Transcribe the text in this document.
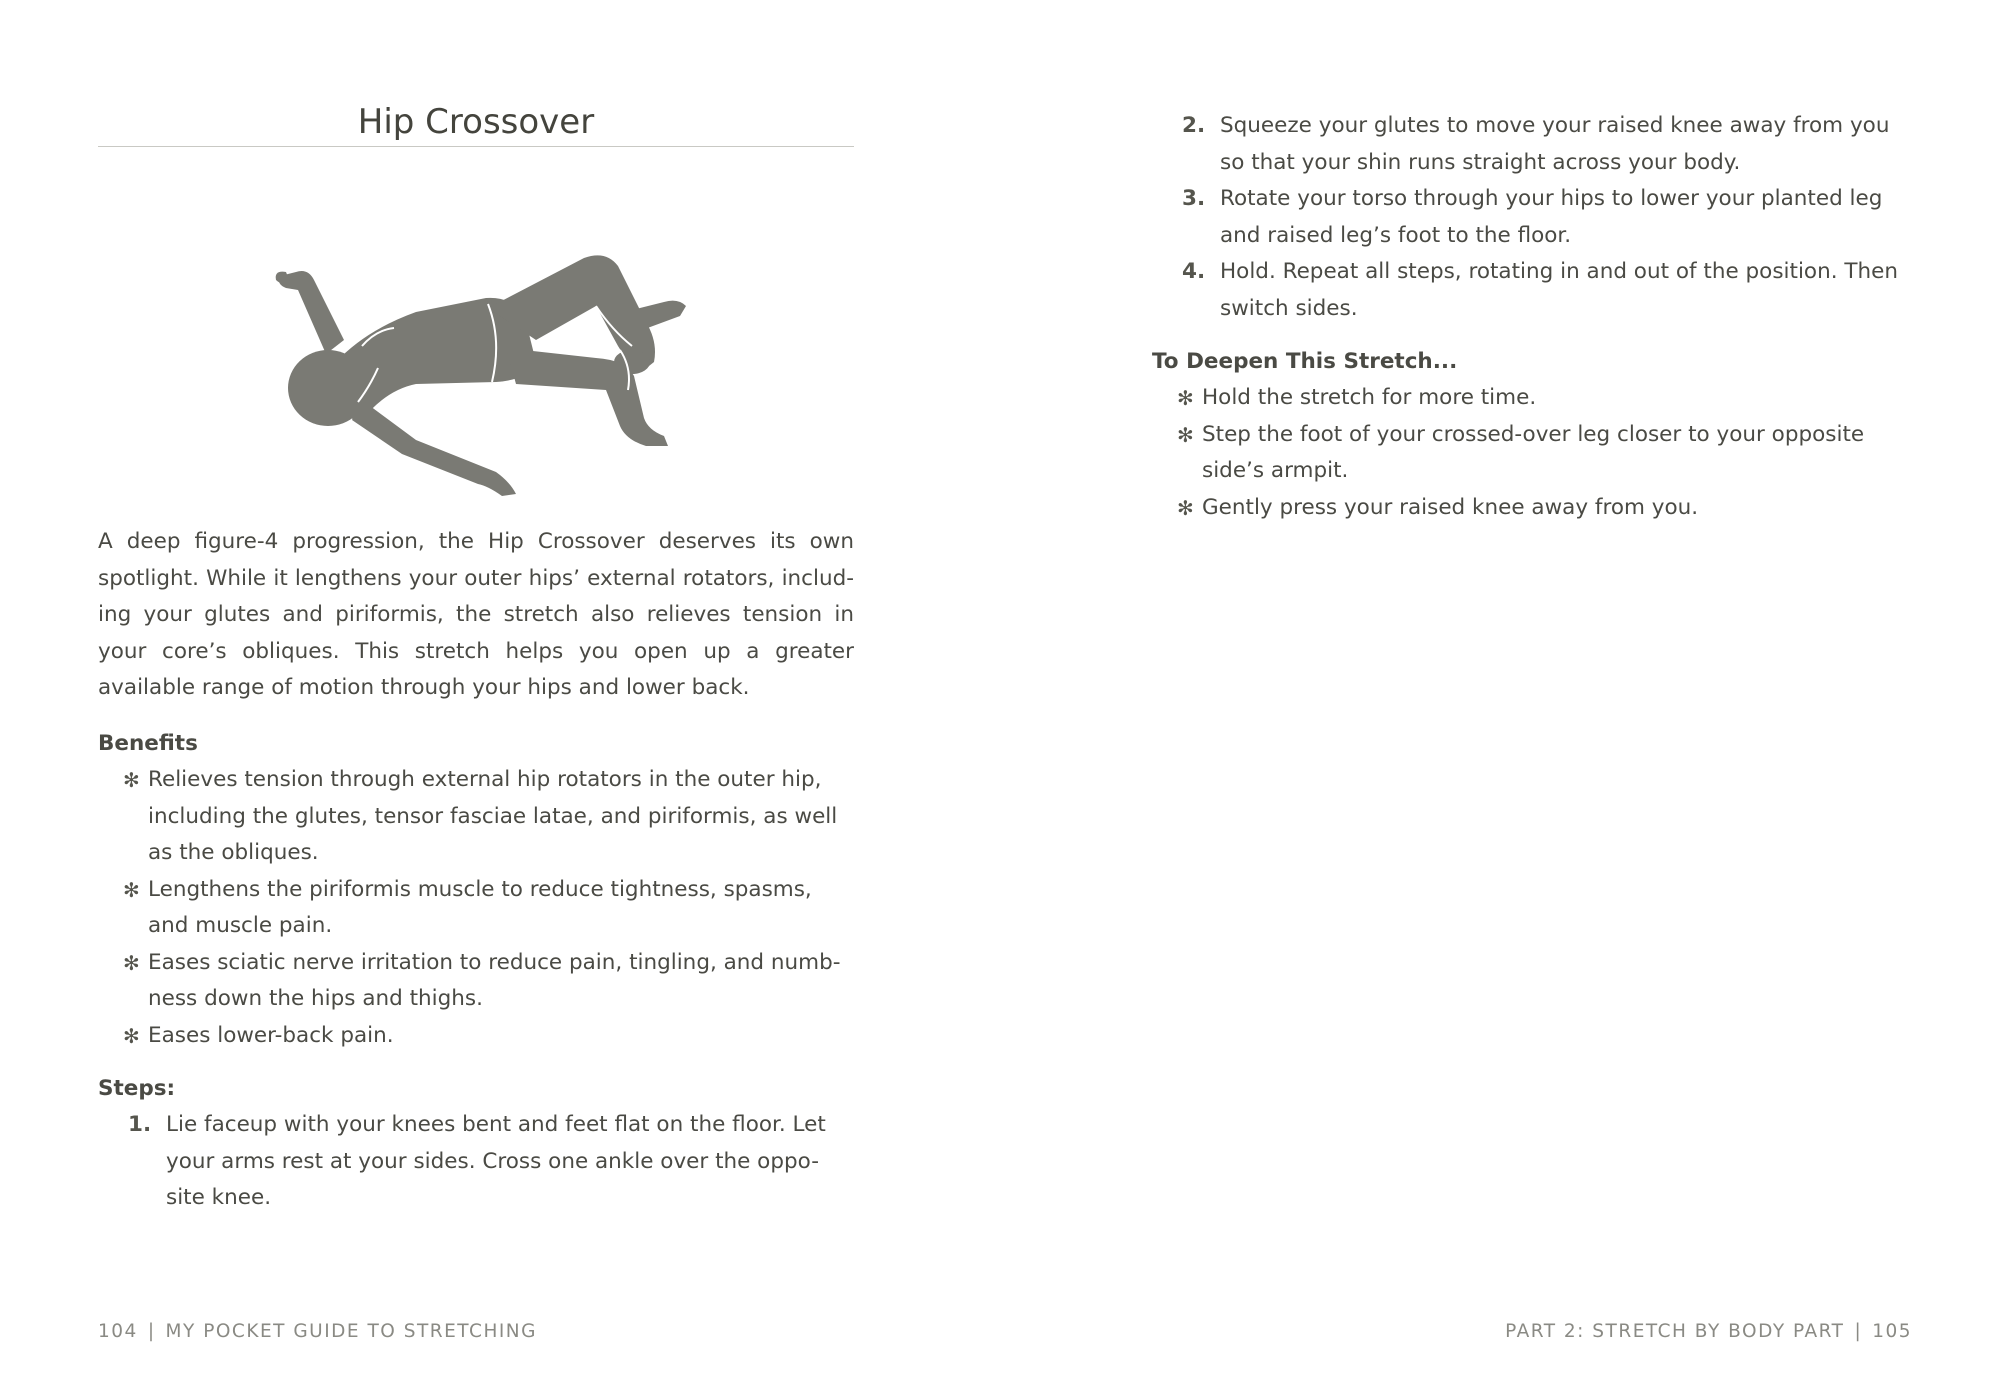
Hip Crossover

A deep figure-4 progression, the Hip Crossover deserves its own spotlight. While it lengthens your outer hips’ external rotators, includ-ing your glutes and piriformis, the stretch also relieves tension in your core’s obliques. This stretch helps you open up a greater available range of motion through your hips and lower back.

Benefits
✻ Relieves tension through external hip rotators in the outer hip, including the glutes, tensor fasciae latae, and piriformis, as well as the obliques.
✻ Lengthens the piriformis muscle to reduce tightness, spasms, and muscle pain.
✻ Eases sciatic nerve irritation to reduce pain, tingling, and numb-ness down the hips and thighs.
✻ Eases lower-back pain.
Steps:
1. Lie faceup with your knees bent and feet flat on the floor. Let your arms rest at your sides. Cross one ankle over the oppo-site knee.
104 | MY POCKET GUIDE TO STRETCHING
2. Squeeze your glutes to move your raised knee away from you so that your shin runs straight across your body.
3. Rotate your torso through your hips to lower your planted leg and raised leg’s foot to the floor.
4. Hold. Repeat all steps, rotating in and out of the position. Then switch sides.
To Deepen This Stretch...
✻ Hold the stretch for more time.
✻ Step the foot of your crossed-over leg closer to your opposite side’s armpit.
✻ Gently press your raised knee away from you.
PART 2: STRETCH BY BODY PART | 105
